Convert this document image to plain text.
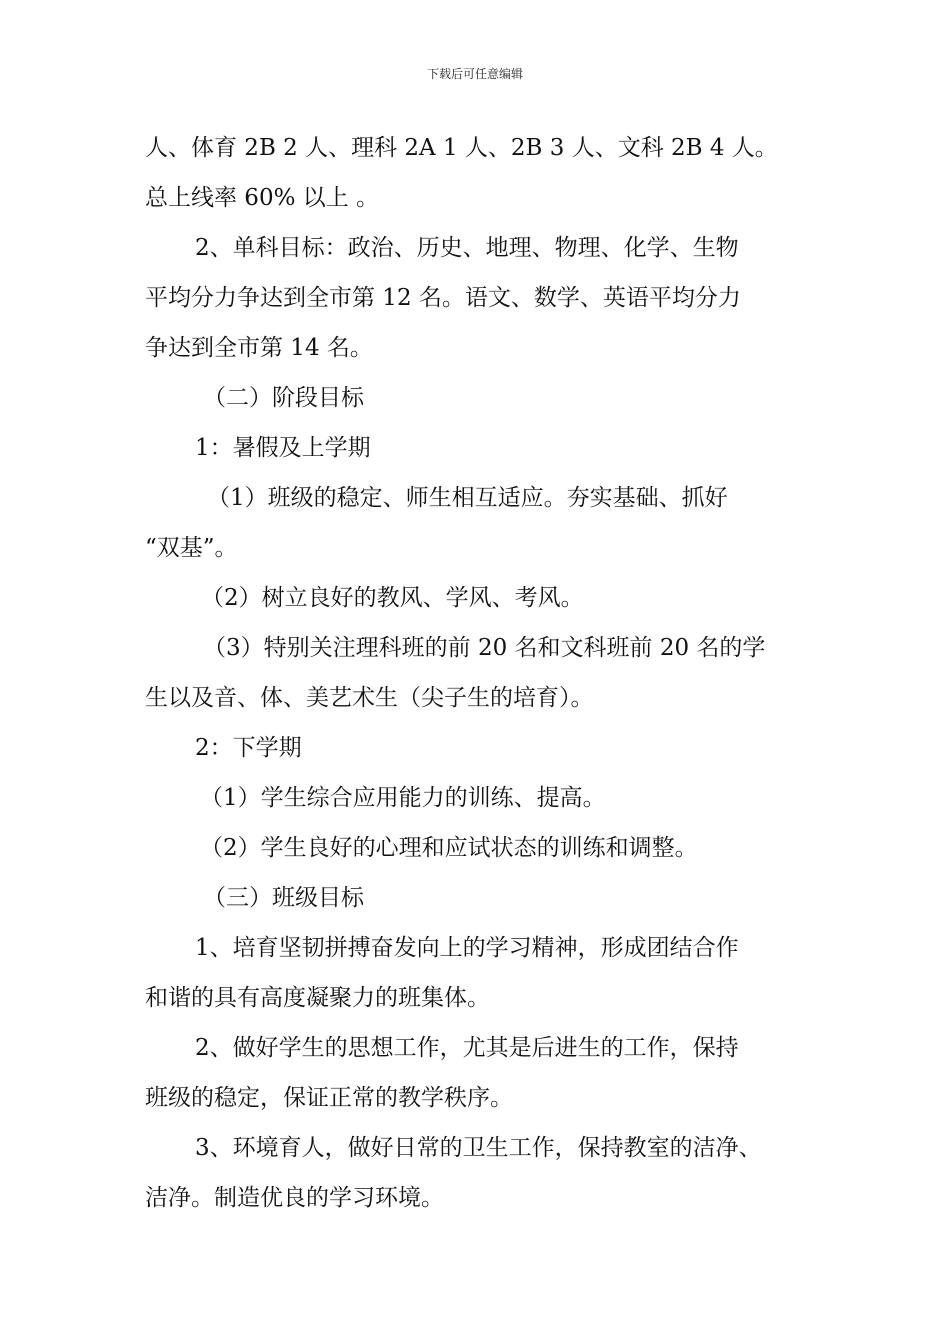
下载后可任意编辑
人、体育 2B 2 人、理科 2A 1 人、2B 3 人、文科 2B 4 人。
总上线率 60% 以上 。
2、单科目标：政治、历史、地理、物理、化学、生物
平均分力争达到全市第 12 名。语文、数学、英语平均分力
争达到全市第 14 名。
（二）阶段目标
1：暑假及上学期
（1）班级的稳定、师生相互适应。夯实基础、抓好
“双基”。
（2）树立良好的教风、学风、考风。
（3）特别关注理科班的前 20 名和文科班前 20 名的学
生以及音、体、美艺术生（尖子生的培育）。
2：下学期
（1）学生综合应用能力的训练、提高。
（2）学生良好的心理和应试状态的训练和调整。
（三）班级目标
1、培育坚韧拼搏奋发向上的学习精神，形成团结合作
和谐的具有高度凝聚力的班集体。
2、做好学生的思想工作，尤其是后进生的工作，保持
班级的稳定，保证正常的教学秩序。
3、环境育人，做好日常的卫生工作，保持教室的洁净、
洁净。制造优良的学习环境。
